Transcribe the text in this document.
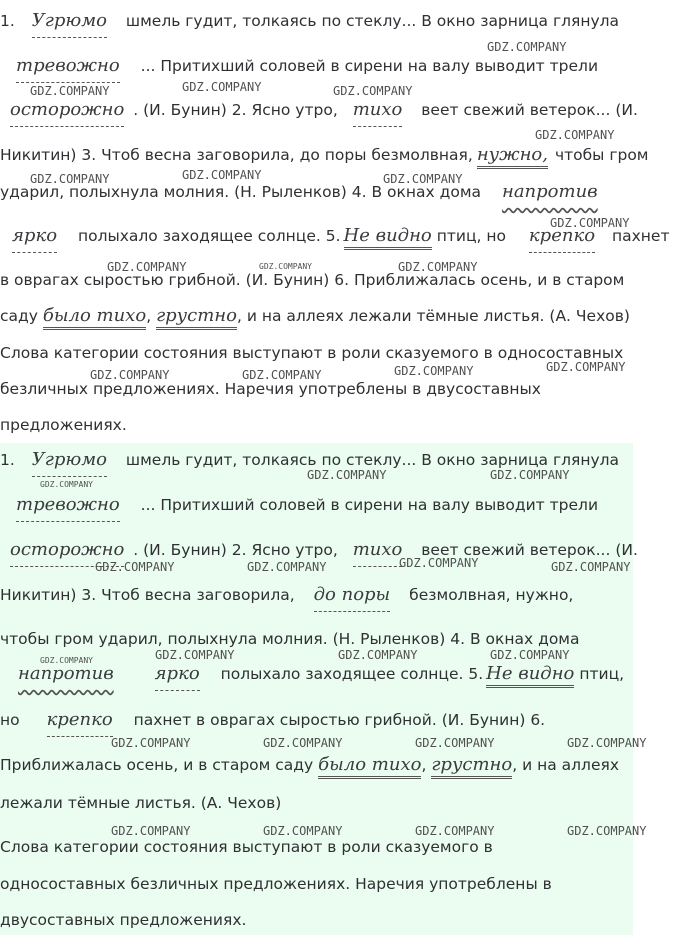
1. Угрюмо шмель гудит, толкаясь по стеклу... В окно зарница глянула
тревожно ... Притихший соловей в сирени на валу выводит трели
осторожно . (И. Бунин) 2. Ясно утро, тихо веет свежий ветерок... (И.
Никитин) 3. Чтоб весна заговорила, до поры безмолвная, нужно, чтобы гром
ударил, полыхнула молния. (Н. Рыленков) 4. В окнах дома напротив
ярко полыхало заходящее солнце. 5. Не видно птиц, но крепко пахнет
в оврагах сыростью грибной. (И. Бунин) 6. Приближалась осень, и в старом
саду было тихо, грустно, и на аллеях лежали тёмные листья. (А. Чехов)
Слова категории состояния выступают в роли сказуемого в односоставных
безличных предложениях. Наречия употреблены в двусоставных
предложениях.
1. Угрюмо шмель гудит, толкаясь по стеклу... В окно зарница глянула
тревожно ... Притихший соловей в сирени на валу выводит трели
осторожно . (И. Бунин) 2. Ясно утро, тихо веет свежий ветерок... (И.
Никитин) 3. Чтоб весна заговорила, до поры безмолвная, нужно,
чтобы гром ударил, полыхнула молния. (Н. Рыленков) 4. В окнах дома
напротив ярко полыхало заходящее солнце. 5. Не видно птиц,
но крепко пахнет в оврагах сыростью грибной. (И. Бунин) 6.
Приближалась осень, и в старом саду было тихо, грустно, и на аллеях
лежали тёмные листья. (А. Чехов)
Слова категории состояния выступают в роли сказуемого в
односоставных безличных предложениях. Наречия употреблены в
двусоставных предложениях.
GDZ.COMPANY
GDZ.COMPANY	GDZ.COMPANY	GDZ.COMPANY
GDZ.COMPANY
GDZ.COMPANY	GDZ.COMPANY	GDZ.COMPANY
GDZ.COMPANY
GDZ.COMPANY	GDZ.COMPANY	GDZ.COMPANY
GDZ.COMPANY	GDZ.COMPANY	GDZ.COMPANY	GDZ.COMPANY
GDZ.COMPANY
GDZ.COMPANY	GDZ.COMPANY
GDZ.COMPANY	GDZ.COMPANY	GDZ.COMPANY	GDZ.COMPANY
GDZ.COMPANY	GDZ.COMPANY	GDZ.COMPANY	GDZ.COMPANY
GDZ.COMPANY	GDZ.COMPANY	GDZ.COMPANY	GDZ.COMPANY
GDZ.COMPANY	GDZ.COMPANY	GDZ.COMPANY	GDZ.COMPANY
